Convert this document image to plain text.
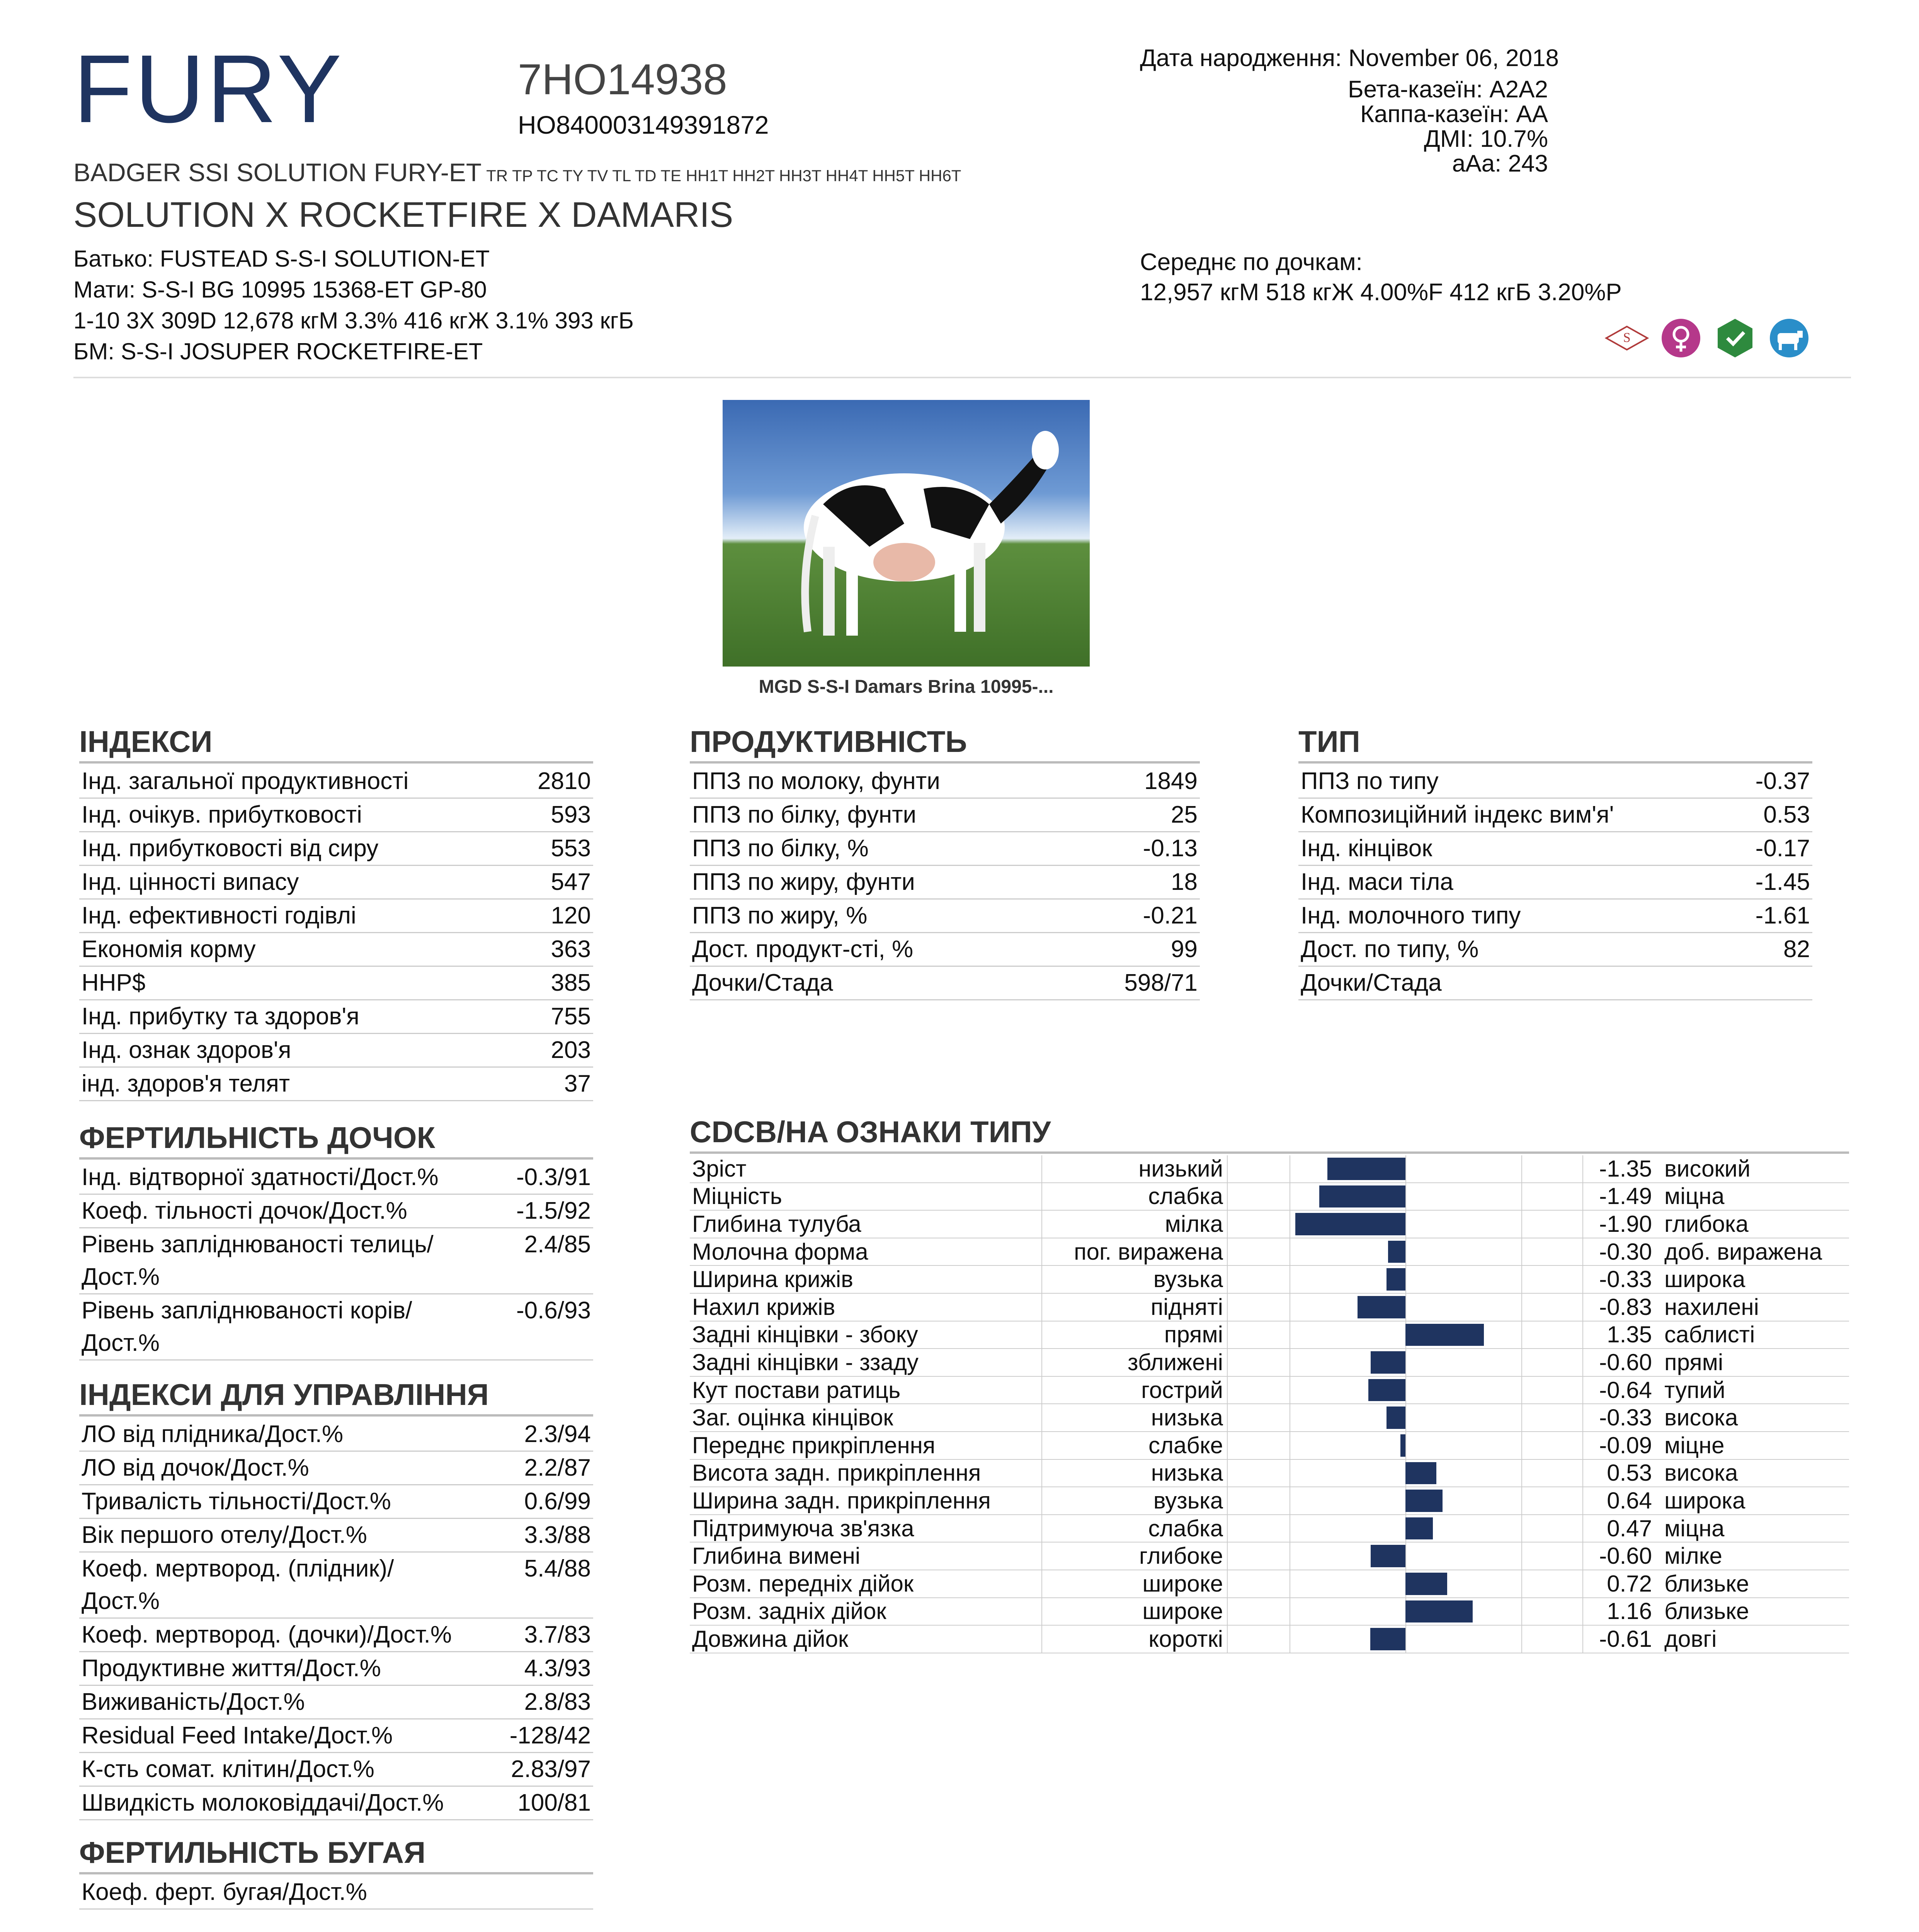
FURY	7HO14938
HO840003149391872
BADGER SSI SOLUTION FURY-ET TR TP TC TY TV TL TD TE HH1T HH2T HH3T HH4T HH5T HH6T
SOLUTION X ROCKETFIRE X DAMARIS
Батько: FUSTEAD S-S-I SOLUTION-ET
Мати: S-S-I BG 10995 15368-ET GP-80
1-10 3X 309D 12,678 кгМ 3.3% 416 кгЖ 3.1% 393 кгБ
БМ: S-S-I JOSUPER ROCKETFIRE-ET
Дата народження: November 06, 2018
Бета-казеїн: A2A2
Каппа-казеїн: AA
ДМІ: 10.7%
aAa: 243
Середнє по дочкам:
12,957 кгМ 518 кгЖ 4.00%F 412 кгБ 3.20%P
S
MGD S-S-I Damars Brina 10995-...
ІНДЕКСИ
Інд. загальної продуктивності	2810
Інд. очікув. прибутковості	593
Інд. прибутковості від сиру	553
Інд. цінності випасу	547
Інд. ефективності годівлі	120
Економія корму	363
HHP$	385
Інд. прибутку та здоров'я	755
Інд. ознак здоров'я	203
інд. здоров'я телят	37
ПРОДУКТИВНІСТЬ
ППЗ по молоку, фунти	1849
ППЗ по білку, фунти	25
ППЗ по білку, %	-0.13
ППЗ по жиру, фунти	18
ППЗ по жиру, %	-0.21
Дост. продукт-сті, %	99
Дочки/Стада	598/71
ТИП
ППЗ по типу	-0.37
Композиційний індекс вим'я'	0.53
Інд. кінцівок	-0.17
Інд. маси тіла	-1.45
Інд. молочного типу	-1.61
Дост. по типу, %	82
Дочки/Стада
ФЕРТИЛЬНІСТЬ ДОЧОК
Інд. відтворної здатності/Дост.%	-0.3/91
Коеф. тільності дочок/Дост.%	-1.5/92
Рівень запліднюваності телиць/ Дост.%
2.4/85
Рівень запліднюваності корів/ Дост.%
-0.6/93
ІНДЕКСИ ДЛЯ УПРАВЛІННЯ
ЛО від плідника/Дост.%	2.3/94
ЛО від дочок/Дост.%	2.2/87
Тривалість тільності/Дост.%	0.6/99
Вік першого отелу/Дост.%	3.3/88
Коеф. мертвород. (плідник)/ Дост.%
5.4/88
Коеф. мертвород. (дочки)/Дост.%	3.7/83
Продуктивне життя/Дост.%	4.3/93
Виживаність/Дост.%	2.8/83
Residual Feed Intake/Дост.%	-128/42
К-сть сомат. клітин/Дост.%	2.83/97
Швидкість молоковіддачі/Дост.%	100/81
ФЕРТИЛЬНІСТЬ БУГАЯ
Коеф. ферт. бугая/Дост.%
CDCB/HA ОЗНАКИ ТИПУ
Зріст	низький	-1.35 високий
Міцність	слабка	-1.49 міцна
Глибина тулуба	мілка	-1.90 глибока
Молочна форма	пог. виражена	-0.30 доб. виражена
Ширина крижів	вузька	-0.33 широка
Нахил крижів	підняті	-0.83 нахилені
Задні кінцівки - збоку	прямі	1.35 саблисті
Задні кінцівки - ззаду	зближені	-0.60 прямі
Кут постави ратиць	гострий	-0.64 тупий
Заг. оцінка кінцівок	низька	-0.33 висока
Переднє прикріплення	слабке	-0.09 міцне
Висота задн. прикріплення	низька	0.53 висока
Ширина задн. прикріплення	вузька	0.64 широка
Підтримуюча зв'язка	слабка	0.47 міцна
Глибина вимені	глибоке	-0.60 мілке
Розм. передніх дійок	широке	0.72 близьке
Розм. задніх дійок	широке	1.16 близьке
Довжина дійок	короткі	-0.61 довгі
